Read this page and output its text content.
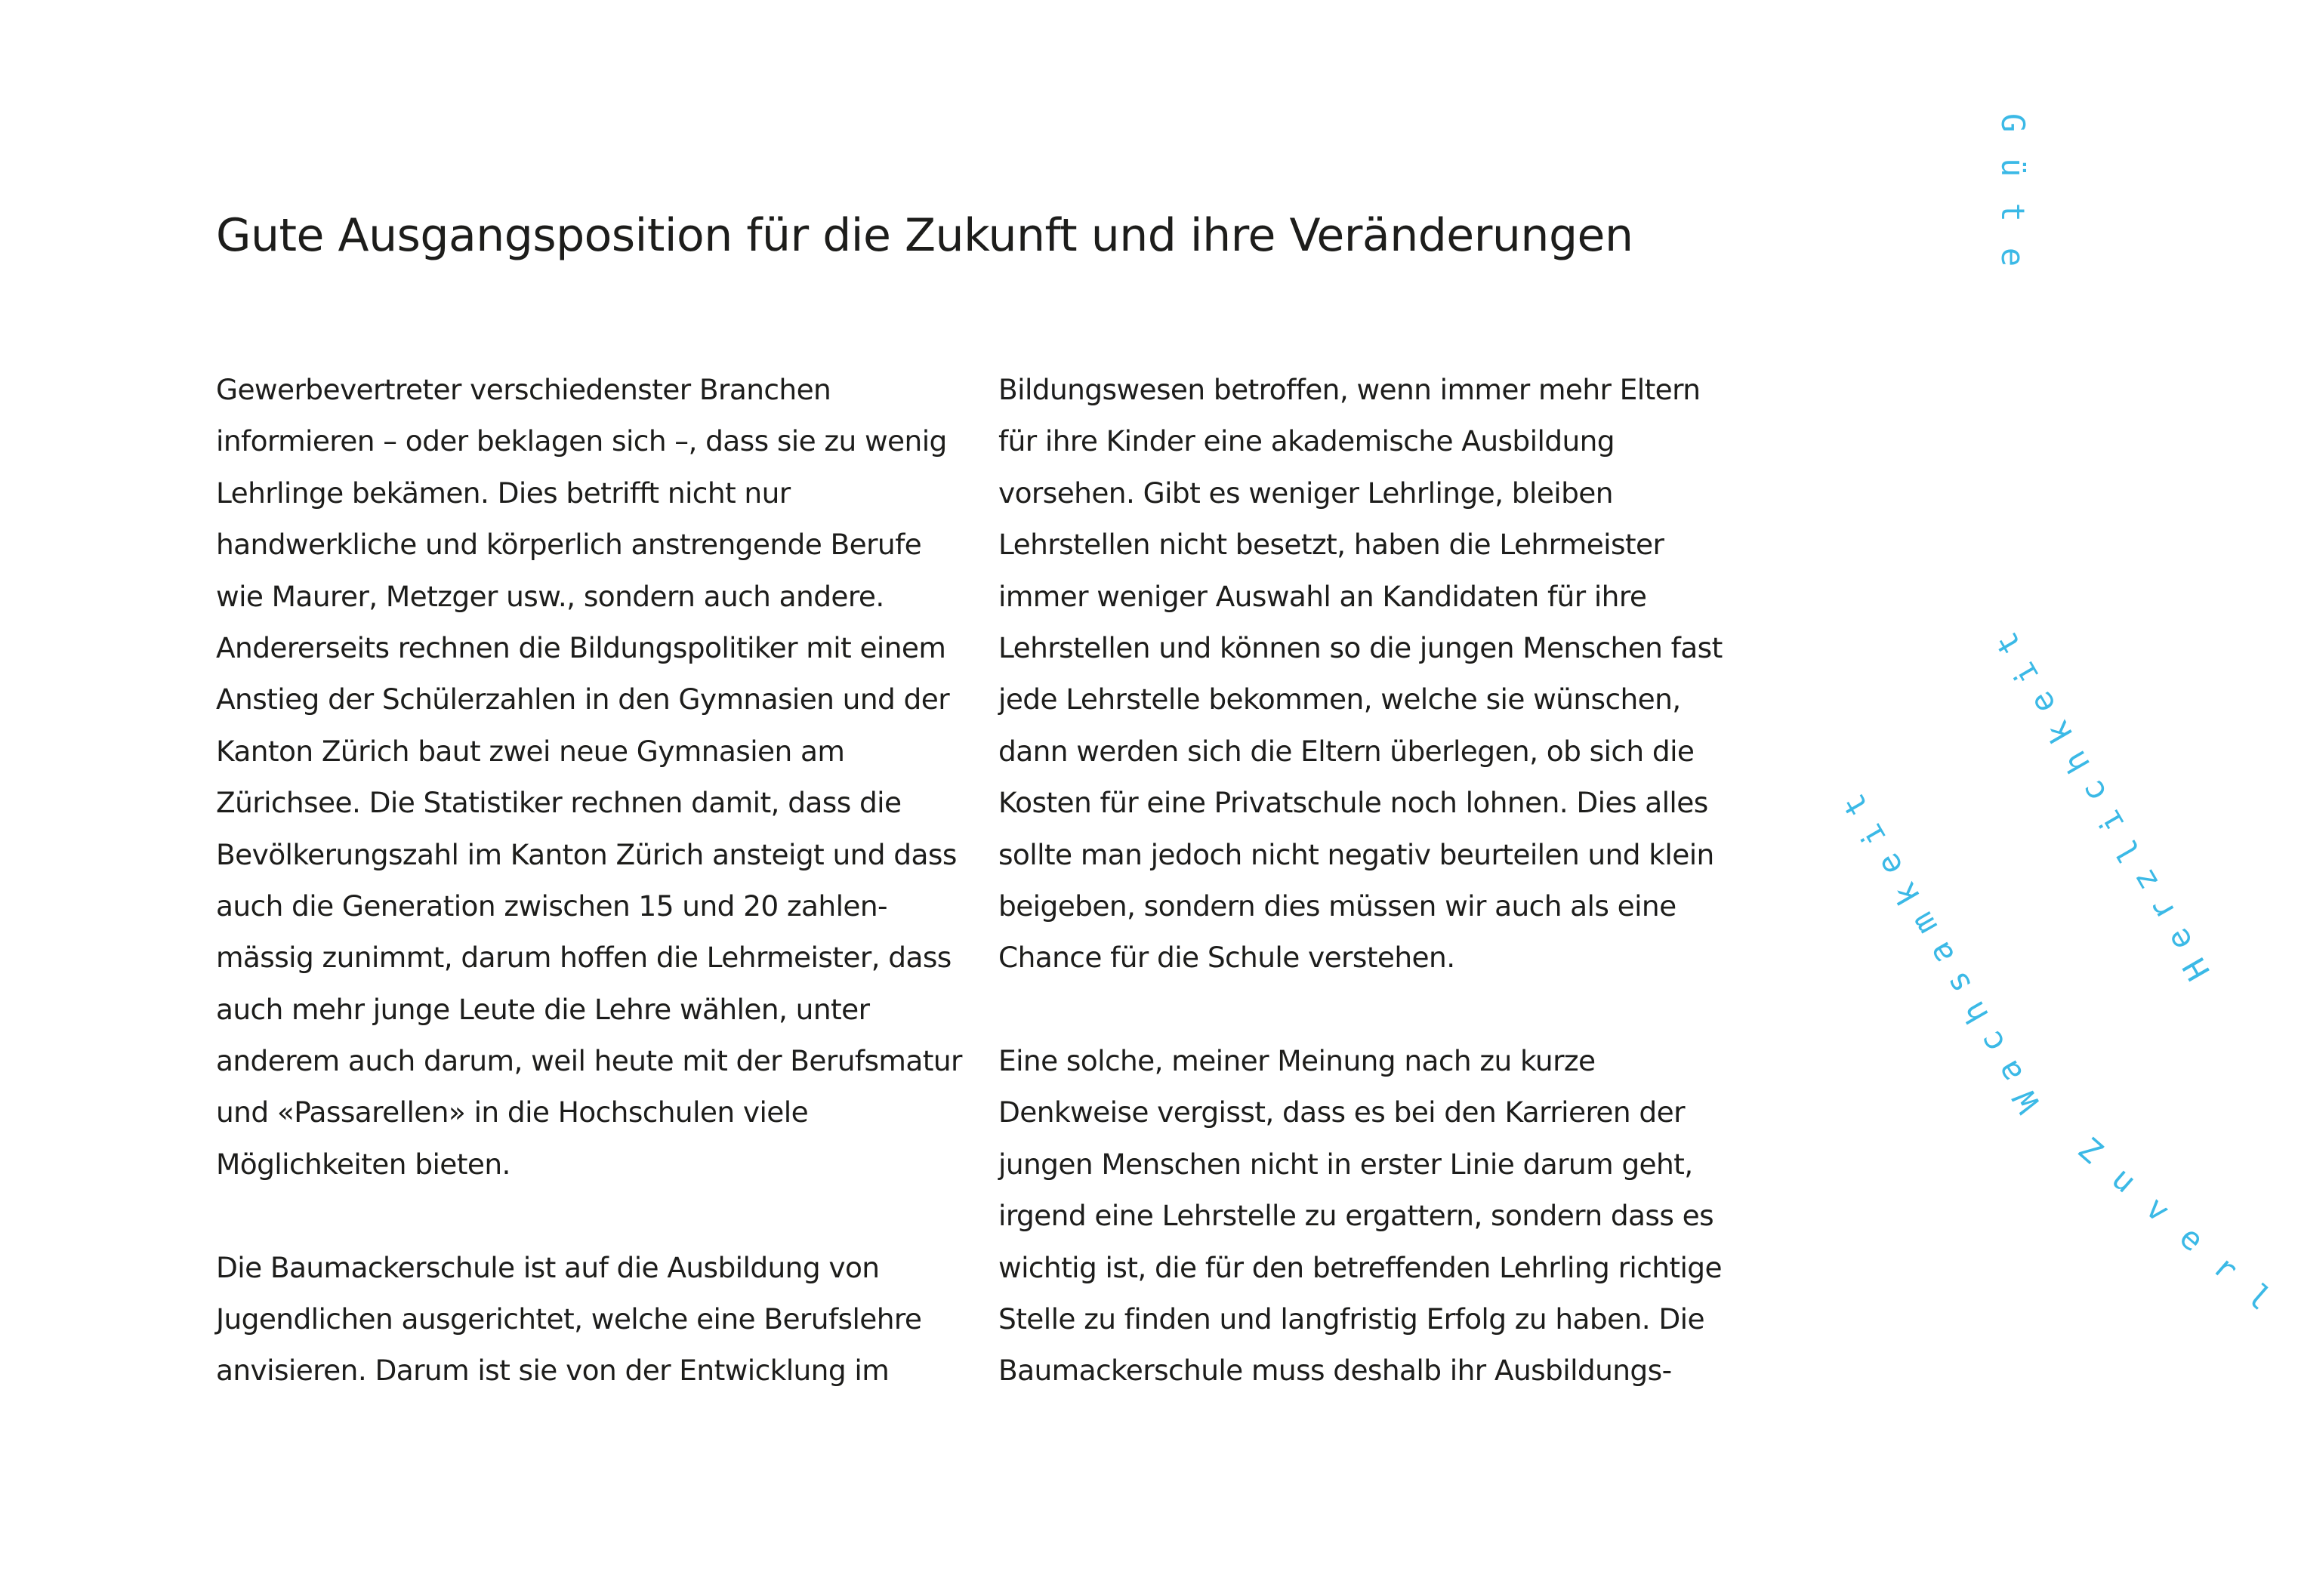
Gute Ausgangsposition für die Zukunft und ihre Veränderungen
Gewerbevertreter verschiedenster Branchen
informieren – oder beklagen sich –, dass sie zu wenig
Lehrlinge bekämen. Dies betrifft nicht nur
handwerkliche und körperlich anstrengende Berufe
wie Maurer, Metzger usw., sondern auch andere.
Andererseits rechnen die Bildungspolitiker mit einem
Anstieg der Schülerzahlen in den Gymnasien und der
Kanton Zürich baut zwei neue Gymnasien am
Zürichsee. Die Statistiker rechnen damit, dass die
Bevölkerungszahl im Kanton Zürich ansteigt und dass
auch die Generation zwischen 15 und 20 zahlen-
mässig zunimmt, darum hoffen die Lehrmeister, dass
auch mehr junge Leute die Lehre wählen, unter
anderem auch darum, weil heute mit der Berufsmatur
und «Passarellen» in die Hochschulen viele
Möglichkeiten bieten.
Die Baumackerschule ist auf die Ausbildung von
Jugendlichen ausgerichtet, welche eine Berufslehre
anvisieren. Darum ist sie von der Entwicklung im
Bildungswesen betroffen, wenn immer mehr Eltern
für ihre Kinder eine akademische Ausbildung
vorsehen. Gibt es weniger Lehrlinge, bleiben
Lehrstellen nicht besetzt, haben die Lehrmeister
immer weniger Auswahl an Kandidaten für ihre
Lehrstellen und können so die jungen Menschen fast
jede Lehrstelle bekommen, welche sie wünschen,
dann werden sich die Eltern überlegen, ob sich die
Kosten für eine Privatschule noch lohnen. Dies alles
sollte man jedoch nicht negativ beurteilen und klein
beigeben, sondern dies müssen wir auch als eine
Chance für die Schule verstehen.
Eine solche, meiner Meinung nach zu kurze
Denkweise vergisst, dass es bei den Karrieren der
jungen Menschen nicht in erster Linie darum geht,
irgend eine Lehrstelle zu ergattern, sondern dass es
wichtig ist, die für den betreffenden Lehrling richtige
Stelle zu finden und langfristig Erfolg zu haben. Die
Baumackerschule muss deshalb ihr Ausbildungs-
Güte
Herzlichkeit
Wachsamkeit
Zuverl
